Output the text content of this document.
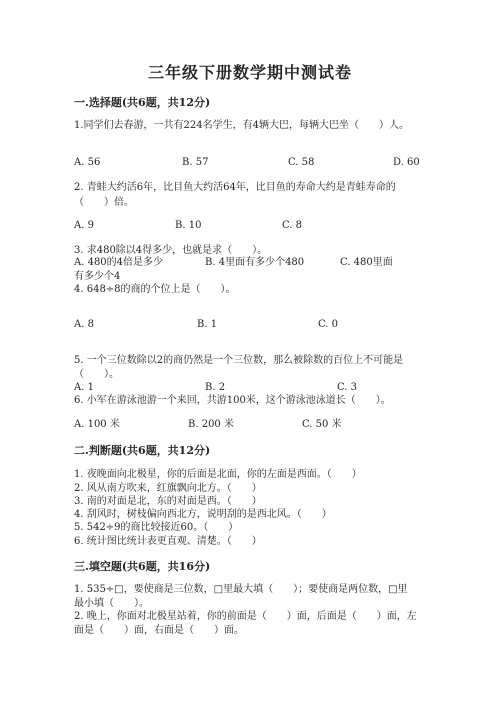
三年级下册数学期中测试卷
一.选择题(共6题，共12分)
1.同学们去春游，一共有224名学生，有4辆大巴，每辆大巴坐（　　）人。
A. 56	B. 57	C. 58	D. 60
2. 青蛙大约活6年，比目鱼大约活64年，比目鱼的寿命大约是青蛙寿命的
（　　）倍。
A. 9	B. 10	C. 8
3. 求480除以4得多少，也就是求（　　）。
A. 480的4倍是多少	B. 4里面有多少个480	C. 480里面
有多少个4
4. 648÷8的商的个位上是（　　）。
A. 8	B. 1	C. 0
5. 一个三位数除以2的商仍然是一个三位数，那么被除数的百位上不可能是
（　　）。
A. 1	B. 2	C. 3
6. 小军在游泳池游一个来回，共游100米，这个游泳池泳道长（　　）。
A. 100 米	B. 200 米	C. 50 米
二.判断题(共6题，共12分)
1. 夜晚面向北极星，你的后面是北面，你的左面是西面。（　　）
2. 风从南方吹来，红旗飘向北方。（　　）
3. 南的对面是北，东的对面是西。（　　）
4. 刮风时，树枝偏向西北方，说明刮的是西北风。（　　）
5. 542÷9的商比较接近60。（　　）
6. 统计图比统计表更直观、清楚。（　　）
三.填空题(共6题，共16分)
1. 535÷□，要使商是三位数，□里最大填（　　）；要使商是两位数，□里
最小填（　　）。
2. 晚上，你面对北极星站着，你的前面是（　　）面，后面是（　　）面，左
面是（　　）面，右面是（　　）面。
